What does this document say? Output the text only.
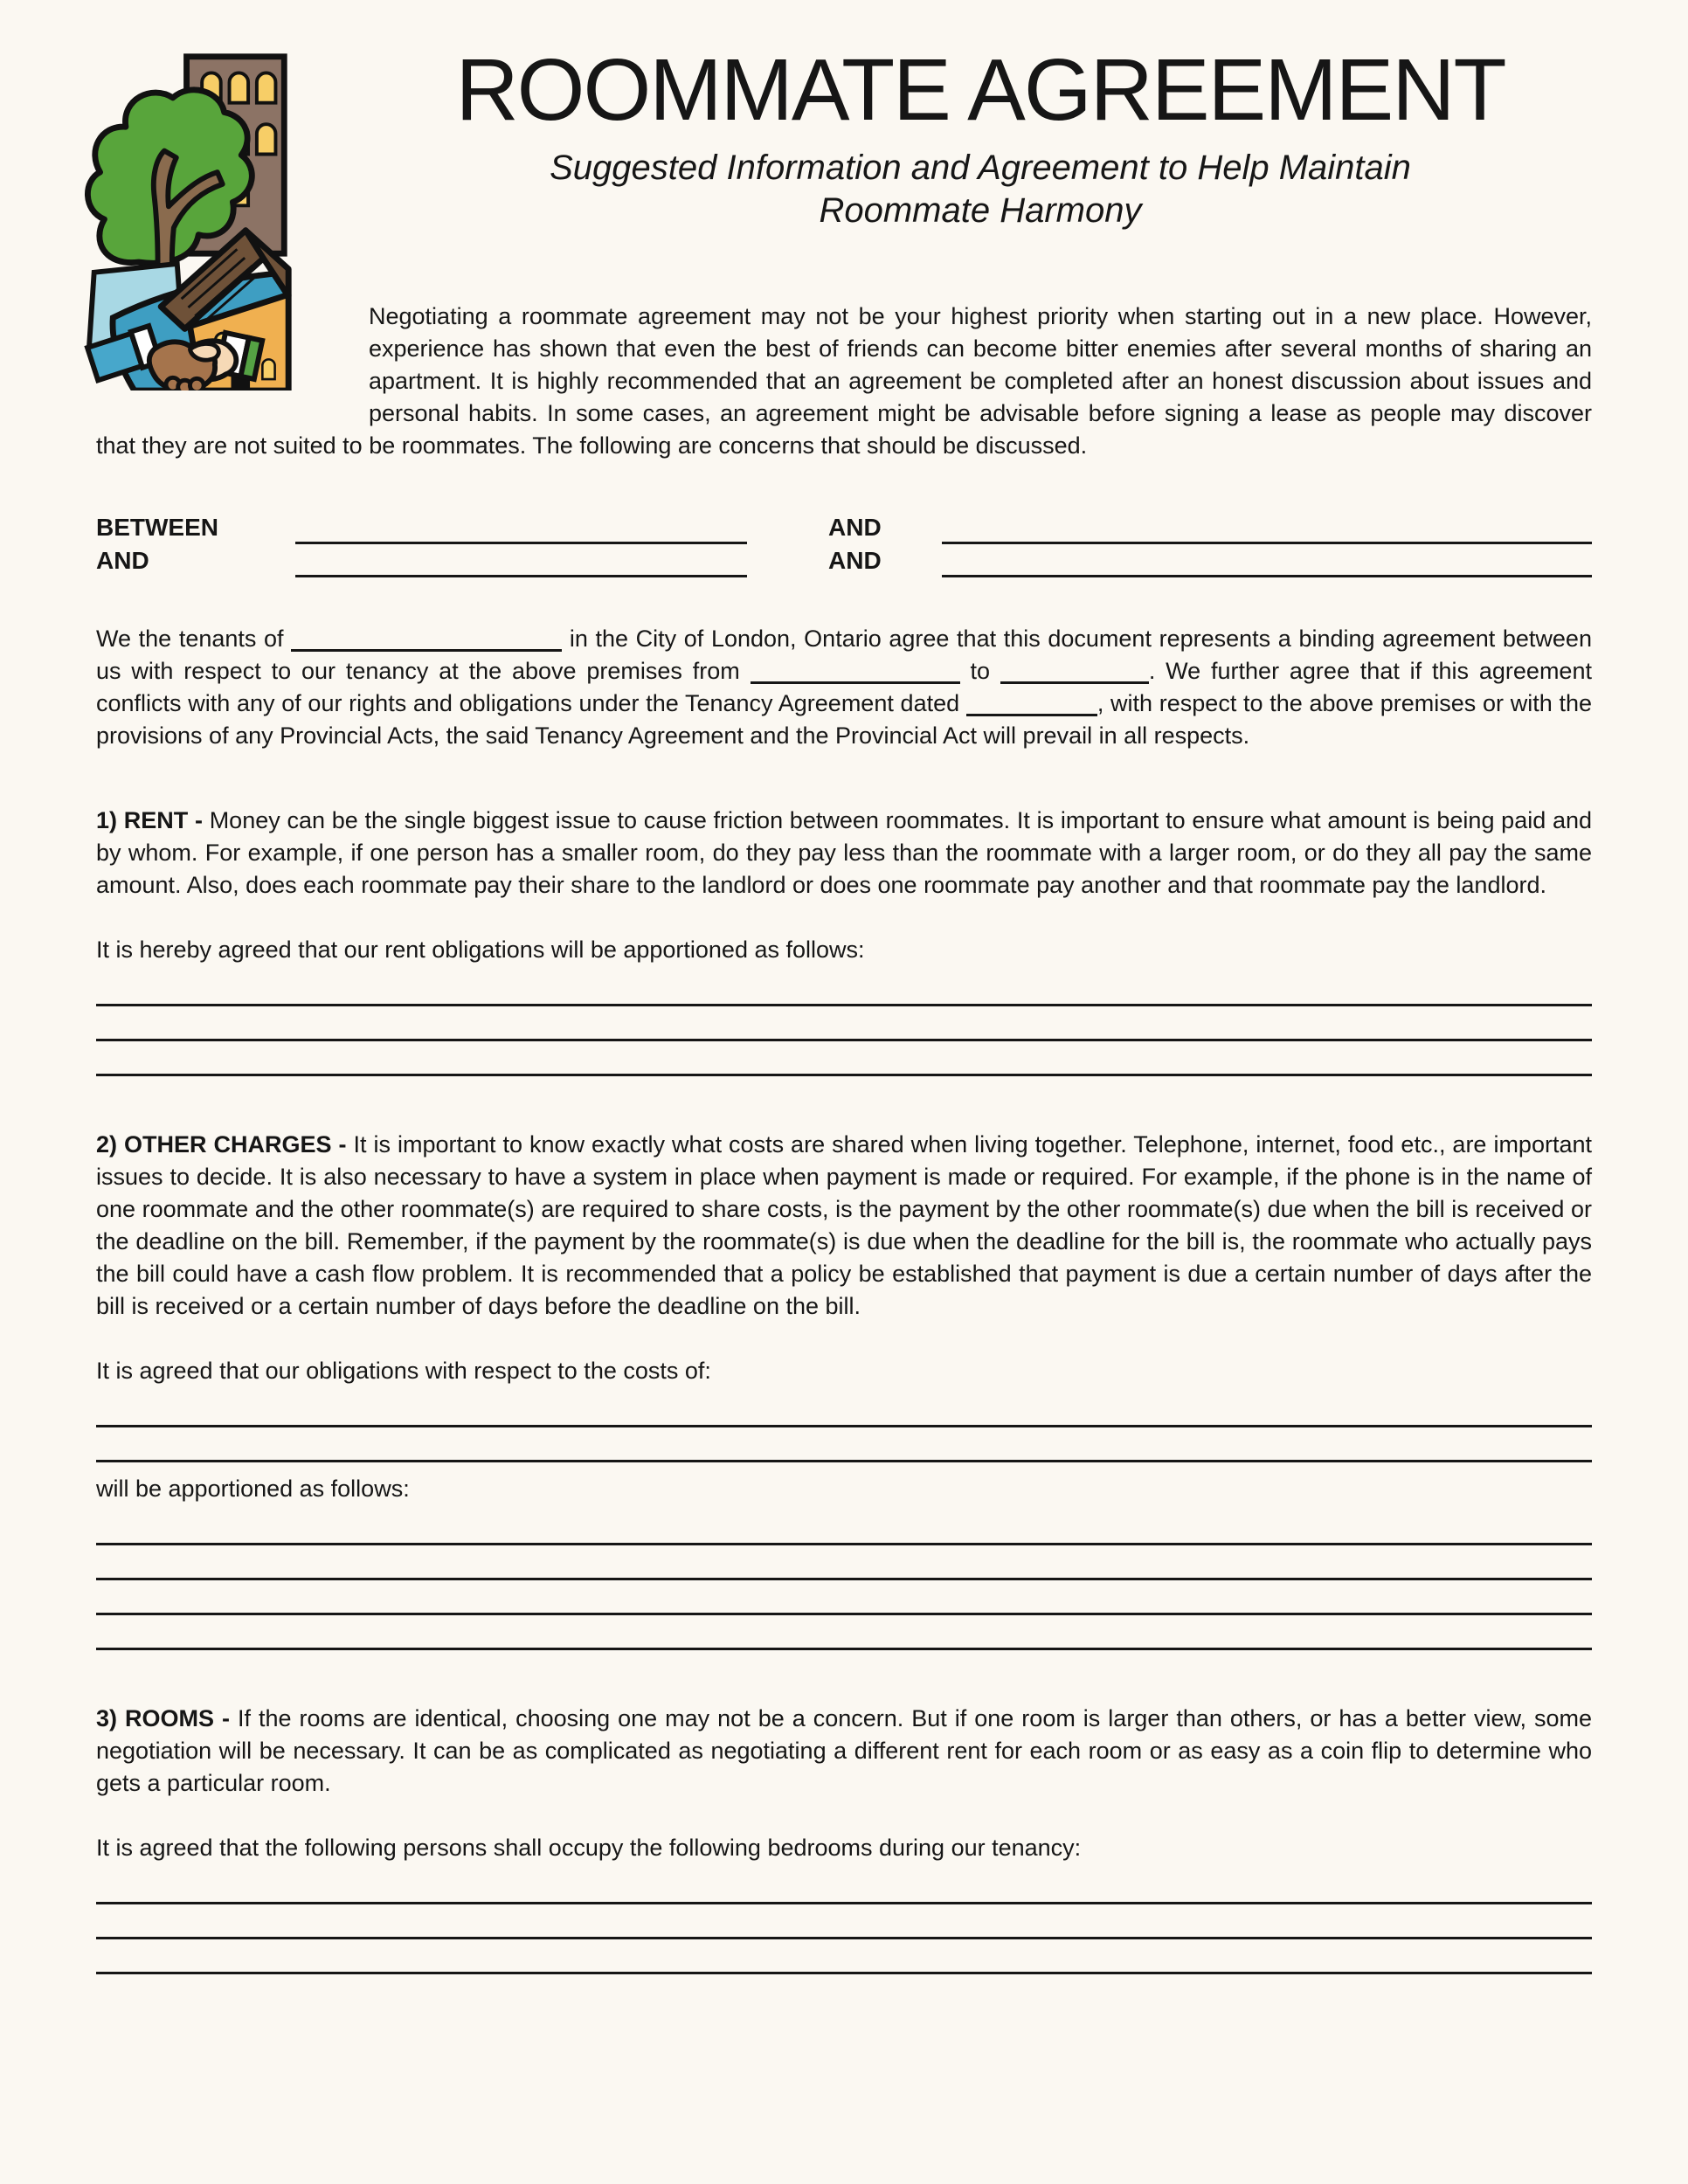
ROOMMATE AGREEMENT
Suggested Information and Agreement to Help Maintain
Roommate Harmony

Negotiating a roommate agreement may not be your highest priority when starting out in a new place. However, experience has shown that even the best of friends can become bitter enemies after several months of sharing an apartment. It is highly recommended that an agreement be completed after an honest discussion about issues and personal habits. In some cases, an agreement might be advisable before signing a lease as people may discover that they are not suited to be roommates. The following are concerns that should be discussed.

BETWEEN	AND
AND	AND

We the tenants of	in the City of London, Ontario agree that this document represents a binding agreement between us with respect to our tenancy at the above premises from	to	. We further agree that if this agreement conflicts with any of our rights and obligations under the Tenancy Agreement dated	, with respect to the above premises or with the provisions of any Provincial Acts, the said Tenancy Agreement and the Provincial Act will prevail in all respects.

1) RENT - Money can be the single biggest issue to cause friction between roommates. It is important to ensure what amount is being paid and by whom. For example, if one person has a smaller room, do they pay less than the roommate with a larger room, or do they all pay the same amount. Also, does each roommate pay their share to the landlord or does one roommate pay another and that roommate pay the landlord.

It is hereby agreed that our rent obligations will be apportioned as follows:

2) OTHER CHARGES - It is important to know exactly what costs are shared when living together. Telephone, internet, food etc., are important issues to decide. It is also necessary to have a system in place when payment is made or required. For example, if the phone is in the name of one roommate and the other roommate(s) are required to share costs, is the payment by the other roommate(s) due when the bill is received or the deadline on the bill. Remember, if the payment by the roommate(s) is due when the deadline for the bill is, the roommate who actually pays the bill could have a cash flow problem. It is recommended that a policy be established that payment is due a certain number of days after the bill is received or a certain number of days before the deadline on the bill.

It is agreed that our obligations with respect to the costs of:

will be apportioned as follows:

3) ROOMS - If the rooms are identical, choosing one may not be a concern. But if one room is larger than others, or has a better view, some negotiation will be necessary. It can be as complicated as negotiating a different rent for each room or as easy as a coin flip to determine who gets a particular room.

It is agreed that the following persons shall occupy the following bedrooms during our tenancy:
